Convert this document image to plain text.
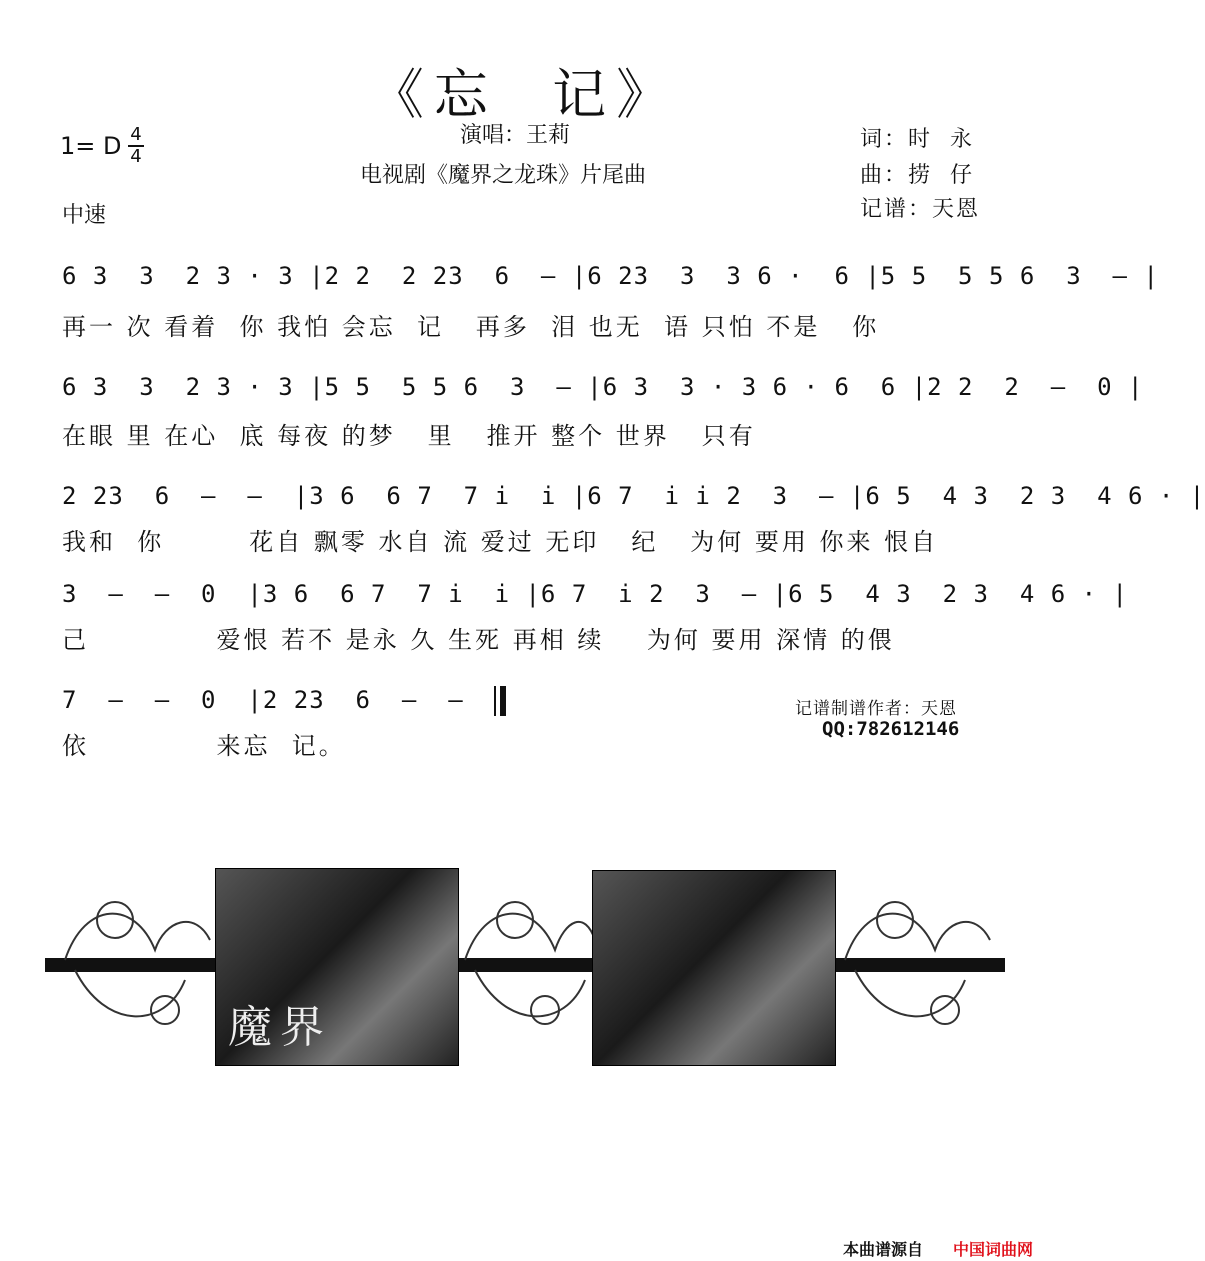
《忘  记》
演唱：王莉
电视剧《魔界之龙珠》片尾曲
1= D 4
4
中速
词：时  永
曲：捞  仔
记谱：天恩
6 3  3  2 3 · 3 |2 2  2 23  6  – |6 23  3  3 6 ·  6 |5 5  5 5 6  3  – |
再一 次 看着  你 我怕 会忘  记   再多  泪 也无  语 只怕 不是   你
6 3  3  2 3 · 3 |5 5  5 5 6  3  – |6 3  3 · 3 6 · 6  6 |2 2  2  –  0 |
在眼 里 在心  底 每夜 的梦   里   推开 整个 世界   只有
2 23  6  –  –  |3 6  6 7  7 i  i |6 7  i i 2  3  – |6 5  4 3  2 3  4 6 · |
我和  你        花自 飘零 水自 流 爱过 无印   纪   为何 要用 你来 恨自
3  –  –  0  |3 6  6 7  7 i  i |6 7  i 2  3  – |6 5  4 3  2 3  4 6 · |
己            爱恨 若不 是永 久 生死 再相 续    为何 要用 深情 的偎
7  –  –  0  |2 23  6  –  –
依            来忘  记。
记谱制谱作者：天恩
QQ:782612146
魔界
本曲谱源自 中国词曲网
